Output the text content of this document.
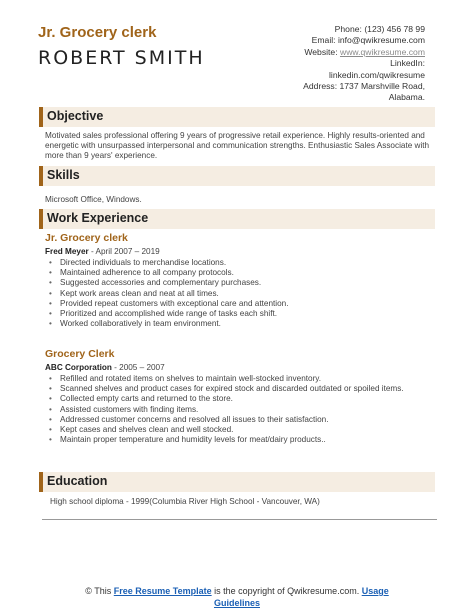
Jr. Grocery clerk
ROBERT SMITH
Phone: (123) 456 78 99
Email: info@qwikresume.com
Website: www.qwikresume.com
LinkedIn:
linkedin.com/qwikresume
Address: 1737 Marshville Road,
Alabama.
Objective
Motivated sales professional offering 9 years of progressive retail experience. Highly results-oriented and energetic with unsurpassed interpersonal and communication strengths. Enthusiastic Sales Associate with more than 9 years' experience.
Skills
Microsoft Office, Windows.
Work Experience
Jr. Grocery clerk
Fred Meyer - April 2007 – 2019
• Directed individuals to merchandise locations.
• Maintained adherence to all company protocols.
• Suggested accessories and complementary purchases.
• Kept work areas clean and neat at all times.
• Provided repeat customers with exceptional care and attention.
• Prioritized and accomplished wide range of tasks each shift.
• Worked collaboratively in team environment.
Grocery Clerk
ABC Corporation - 2005 – 2007
• Refilled and rotated items on shelves to maintain well-stocked inventory.
• Scanned shelves and product cases for expired stock and discarded outdated or spoiled items.
• Collected empty carts and returned to the store.
• Assisted customers with finding items.
• Addressed customer concerns and resolved all issues to their satisfaction.
• Kept cases and shelves clean and well stocked.
• Maintain proper temperature and humidity levels for meat/dairy products..
Education
High school diploma - 1999(Columbia River High School - Vancouver, WA)
© This Free Resume Template is the copyright of Qwikresume.com. Usage
Guidelines
